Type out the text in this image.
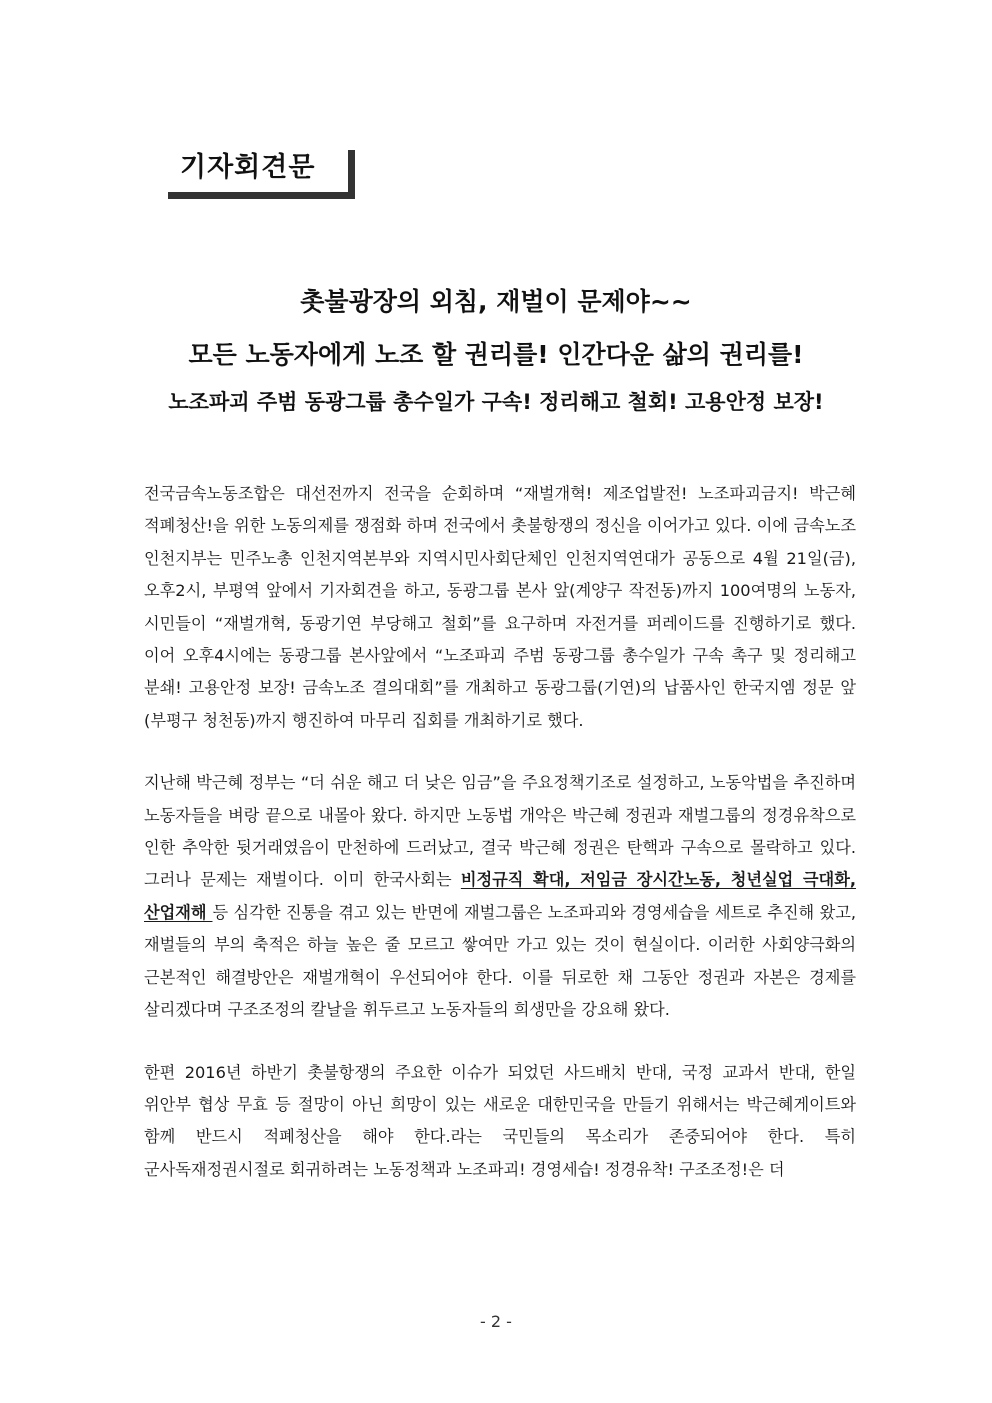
기자회견문
촛불광장의 외침, 재벌이 문제야~~
모든 노동자에게 노조 할 권리를! 인간다운 삶의 권리를!
노조파괴 주범 동광그룹 총수일가 구속! 정리해고 철회! 고용안정 보장!

전국금속노동조합은 대선전까지 전국을 순회하며 “재벌개혁! 제조업발전! 노조파괴금지! 박근혜 적폐청산!을 위한 노동의제를 쟁점화 하며 전국에서 촛불항쟁의 정신을 이어가고 있다. 이에 금속노조 인천지부는 민주노총 인천지역본부와 지역시민사회단체인 인천지역연대가 공동으로 4월 21일(금),오후2시, 부평역 앞에서 기자회견을 하고, 동광그룹 본사 앞(계양구 작전동)까지 100여명의 노동자, 시민들이 “재벌개혁, 동광기연 부당해고 철회”를 요구하며 자전거를 퍼레이드를 진행하기로 했다. 이어 오후4시에는 동광그룹 본사앞에서 “노조파괴 주범 동광그룹 총수일가 구속 촉구 및 정리해고 분쇄! 고용안정 보장! 금속노조 결의대회”를 개최하고 동광그룹(기연)의 납품사인 한국지엠 정문 앞(부평구 청천동)까지 행진하여 마무리 집회를 개최하기로 했다.

지난해 박근혜 정부는 “더 쉬운 해고 더 낮은 임금”을 주요정책기조로 설정하고, 노동악법을 추진하며 노동자들을 벼랑 끝으로 내몰아 왔다. 하지만 노동법 개악은 박근혜 정권과 재벌그룹의 정경유착으로 인한 추악한 뒷거래였음이 만천하에 드러났고, 결국 박근혜 정권은 탄핵과 구속으로 몰락하고 있다. 그러나 문제는 재벌이다. 이미 한국사회는 비정규직 확대, 저임금 장시간노동, 청년실업 극대화, 산업재해 등 심각한 진통을 겪고 있는 반면에 재벌그룹은 노조파괴와 경영세습을 세트로 추진해 왔고, 재벌들의 부의 축적은 하늘 높은 줄 모르고 쌓여만 가고 있는 것이 현실이다. 이러한 사회양극화의 근본적인 해결방안은 재벌개혁이 우선되어야 한다. 이를 뒤로한 채 그동안 정권과 자본은 경제를 살리겠다며 구조조정의 칼날을 휘두르고 노동자들의 희생만을 강요해 왔다.

한편 2016년 하반기 촛불항쟁의 주요한 이슈가 되었던 사드배치 반대, 국정 교과서 반대, 한일 위안부 협상 무효 등 절망이 아닌 희망이 있는 새로운 대한민국을 만들기 위해서는 박근혜게이트와 함께 반드시 적폐청산을 해야 한다.라는 국민들의 목소리가 존중되어야 한다. 특히 군사독재정권시절로 회귀하려는 노동정책과 노조파괴! 경영세습! 정경유착! 구조조정!은 더

- 2 -
